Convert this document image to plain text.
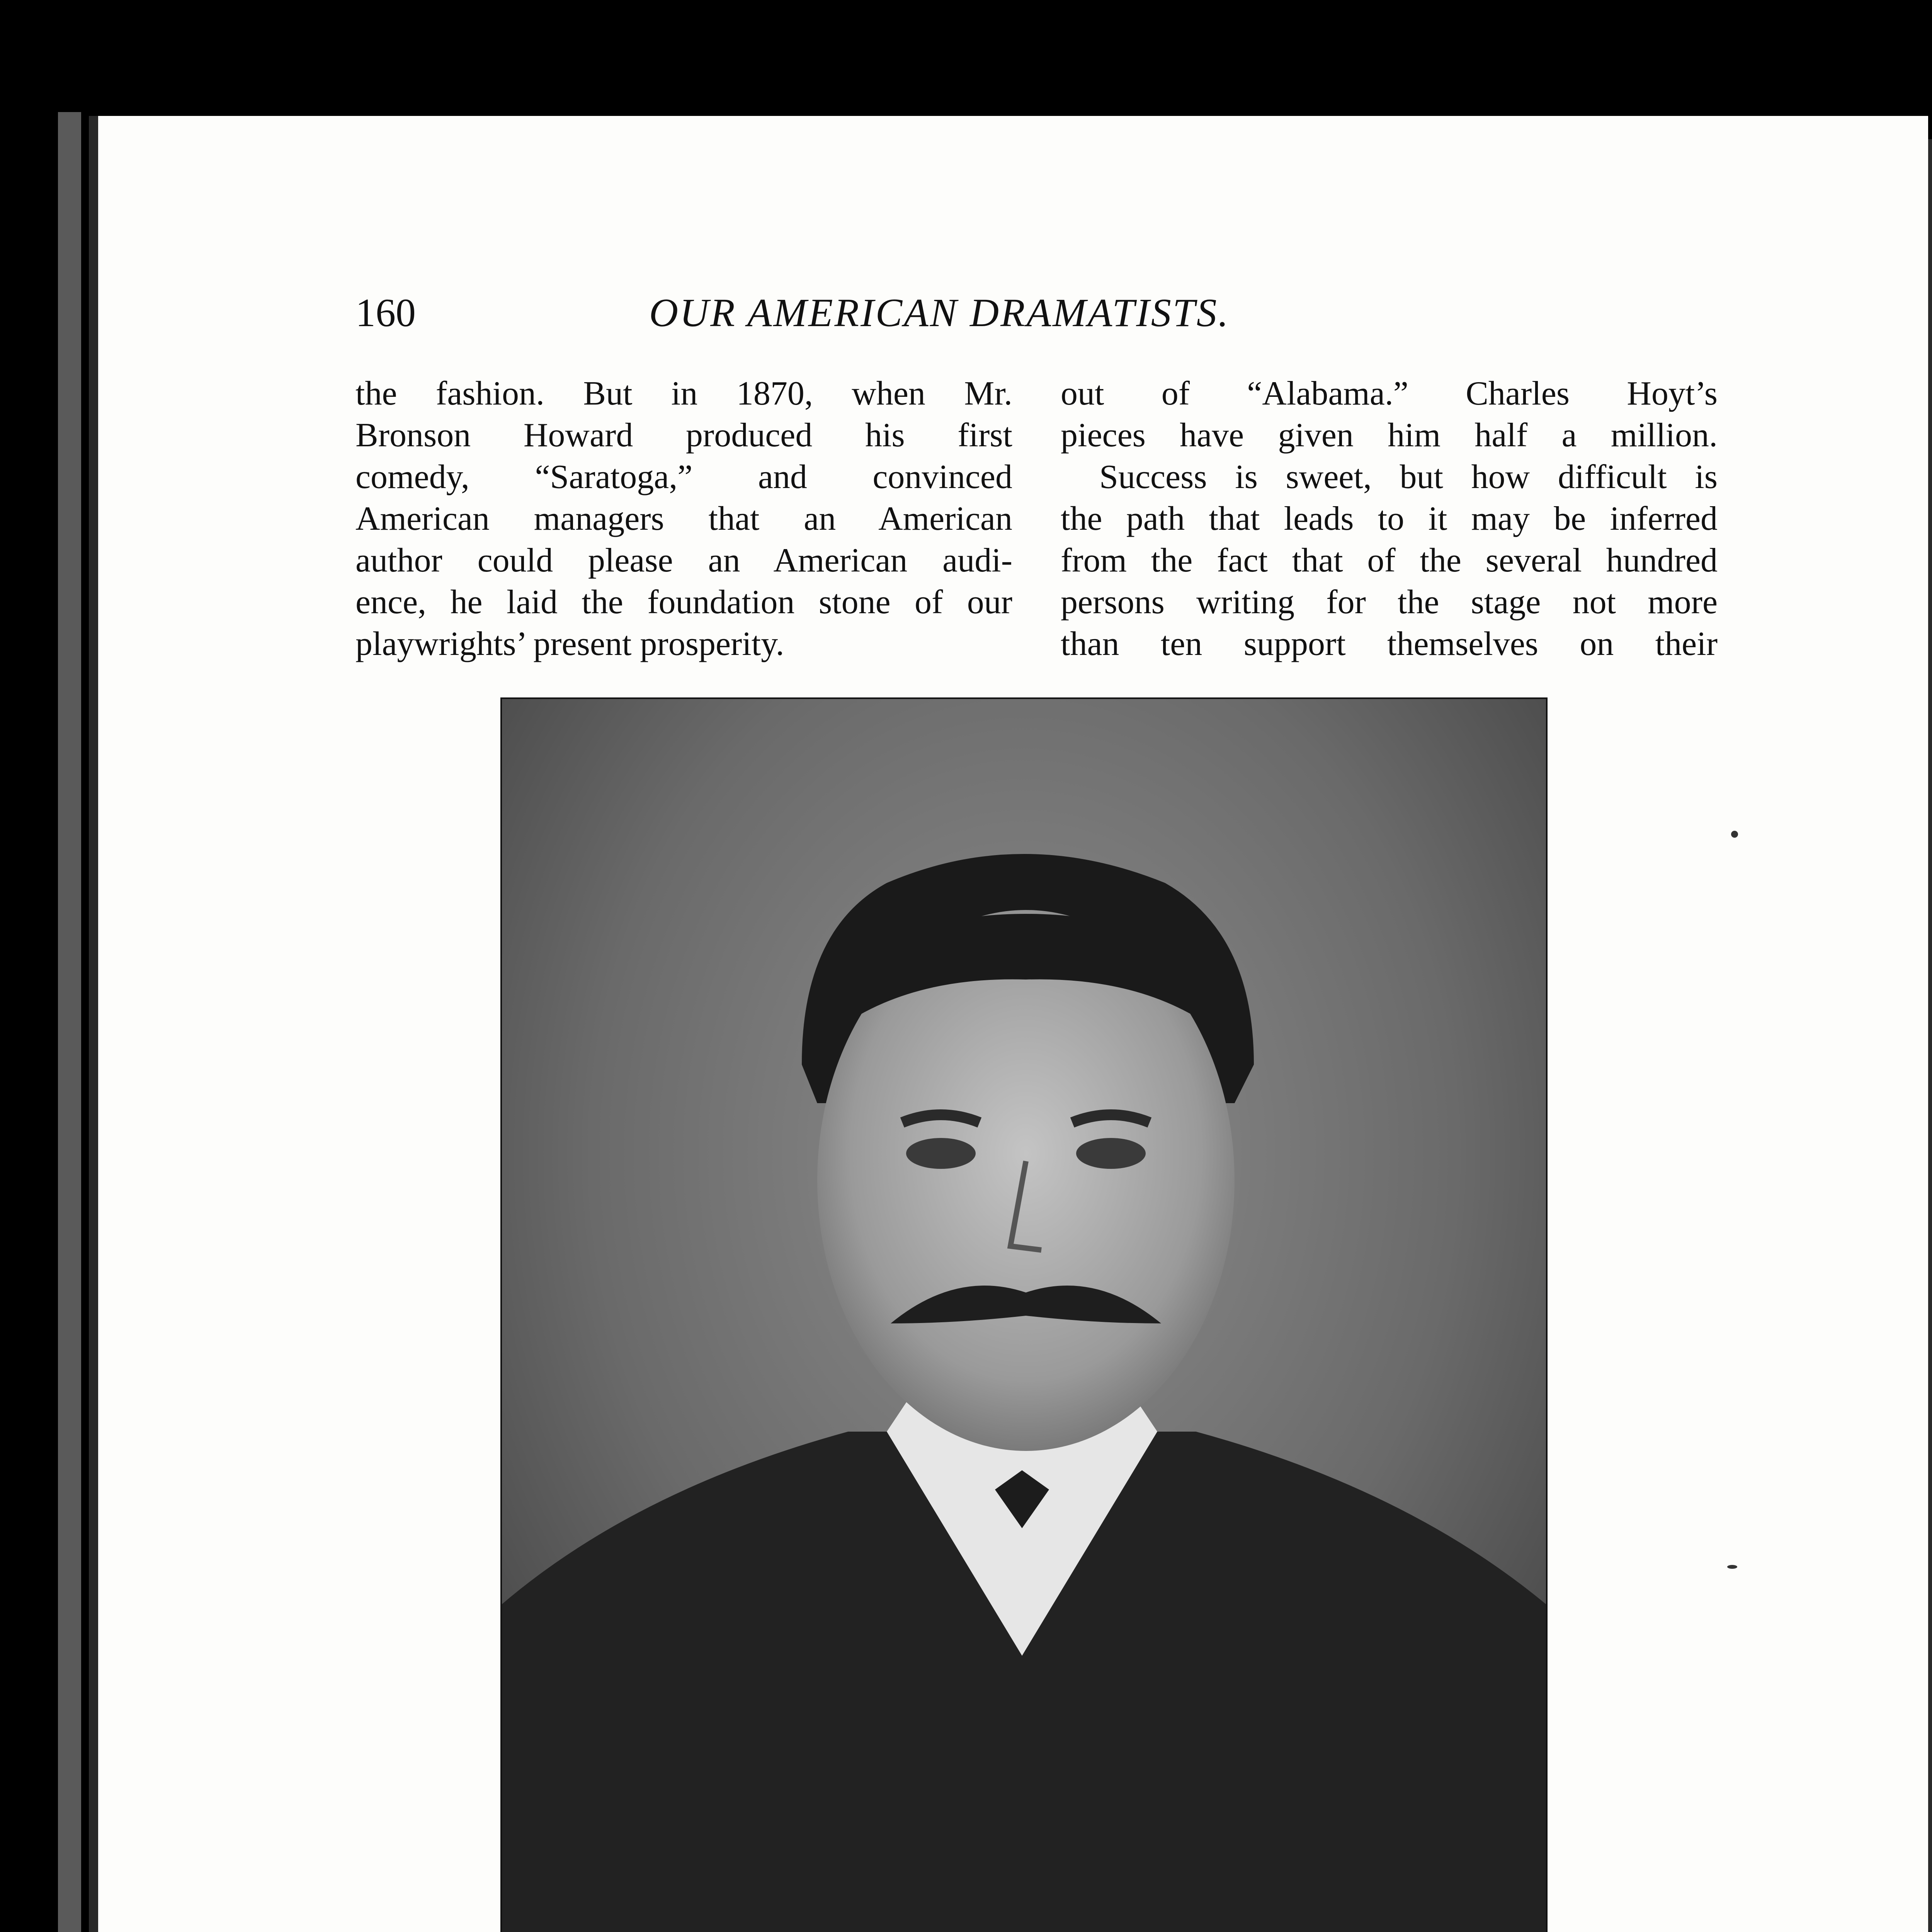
160	OUR AMERICAN DRAMATISTS.

the fashion. But in 1870, when Mr.

Bronson Howard produced his first

comedy, “Saratoga,” and convinced

American managers that an American

author could please an American audi-

ence, he laid the foundation stone of our

playwrights’ present prosperity.

out of “Alabama.” Charles Hoyt’s

pieces have given him half a million.

Success is sweet, but how difficult is

the path that leads to it may be inferred

from the fact that of the several hundred

persons writing for the stage not more

than ten support themselves on their
